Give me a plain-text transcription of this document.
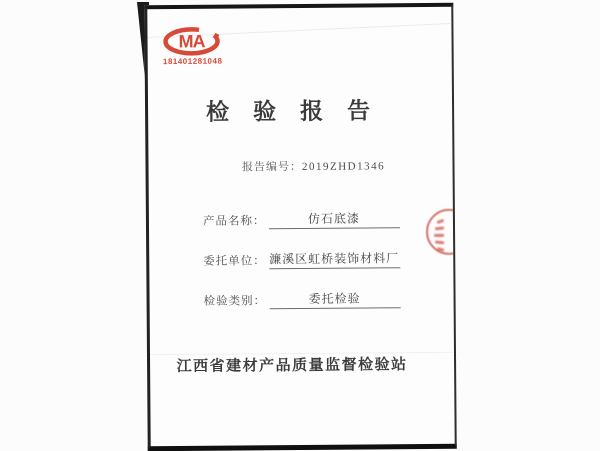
MA
181401281048
检验报告
报告编号：2019ZHD1346
产品名称：	仿石底漆
委托单位： 濂溪区虹桥装饰材料厂
检验类别：	委托检验
江西省建材产品质量监督检验站
